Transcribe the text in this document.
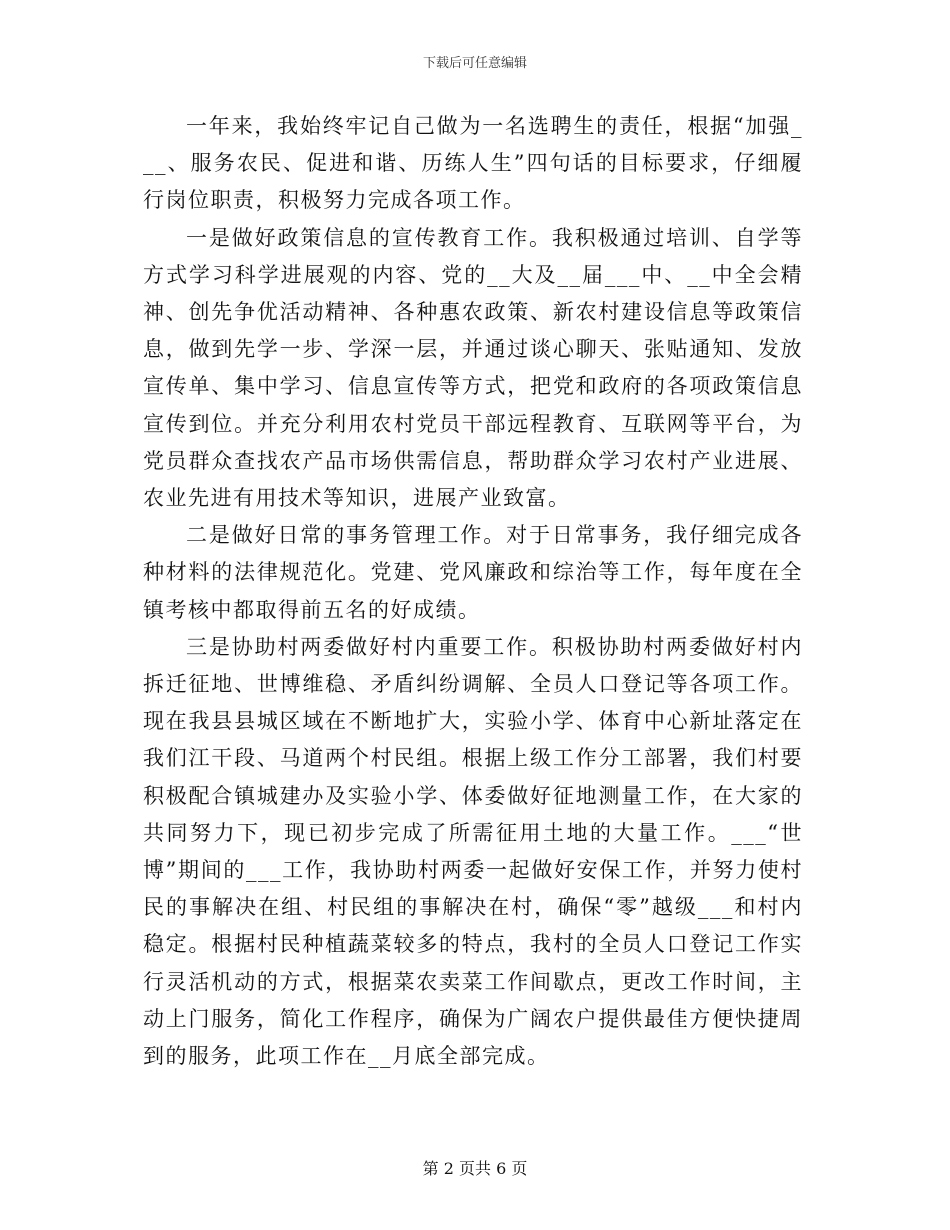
下载后可任意编辑

一年来，我始终牢记自己做为一名选聘生的责任，根据“加强___、服务农民、促进和谐、历练人生”四句话的目标要求，仔细履行岗位职责，积极努力完成各项工作。

一是做好政策信息的宣传教育工作。我积极通过培训、自学等方式学习科学进展观的内容、党的__大及__届___中、__中全会精神、创先争优活动精神、各种惠农政策、新农村建设信息等政策信息，做到先学一步、学深一层，并通过谈心聊天、张贴通知、发放宣传单、集中学习、信息宣传等方式，把党和政府的各项政策信息宣传到位。并充分利用农村党员干部远程教育、互联网等平台，为党员群众查找农产品市场供需信息，帮助群众学习农村产业进展、农业先进有用技术等知识，进展产业致富。

二是做好日常的事务管理工作。对于日常事务，我仔细完成各种材料的法律规范化。党建、党风廉政和综治等工作，每年度在全镇考核中都取得前五名的好成绩。

三是协助村两委做好村内重要工作。积极协助村两委做好村内拆迁征地、世博维稳、矛盾纠纷调解、全员人口登记等各项工作。现在我县县城区域在不断地扩大，实验小学、体育中心新址落定在我们江干段、马道两个村民组。根据上级工作分工部署，我们村要积极配合镇城建办及实验小学、体委做好征地测量工作，在大家的共同努力下，现已初步完成了所需征用土地的大量工作。___“世博”期间的___工作，我协助村两委一起做好安保工作，并努力使村民的事解决在组、村民组的事解决在村，确保“零”越级___和村内稳定。根据村民种植蔬菜较多的特点，我村的全员人口登记工作实行灵活机动的方式，根据菜农卖菜工作间歇点，更改工作时间，主动上门服务，简化工作程序，确保为广阔农户提供最佳方便快捷周到的服务，此项工作在__月底全部完成。

第 2 页共 6 页
